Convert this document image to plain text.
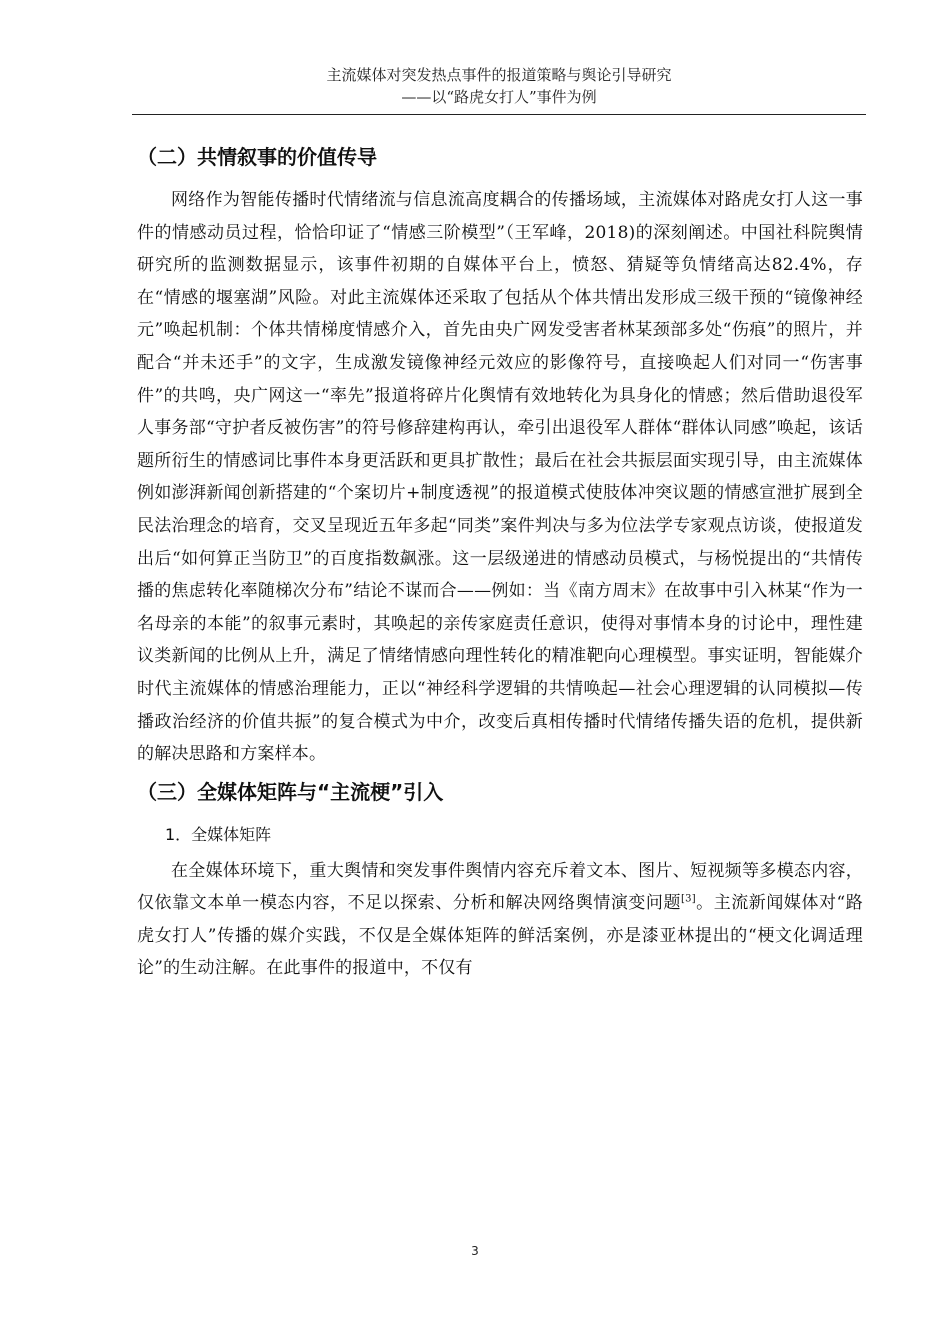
主流媒体对突发热点事件的报道策略与舆论引导研究
——以“路虎女打人”事件为例
（二）共情叙事的价值传导

网络作为智能传播时代情绪流与信息流高度耦合的传播场域，主流媒体对路虎女打人这一事件的情感动员过程，恰恰印证了“情感三阶模型”（王军峰，2018)的深刻阐述。中国社科院舆情研究所的监测数据显示，该事件初期的自媒体平台上，愤怒、猜疑等负情绪高达82.4%，存在“情感的堰塞湖”风险。对此主流媒体还采取了包括从个体共情出发形成三级干预的“镜像神经元”唤起机制：个体共情梯度情感介入，首先由央广网发受害者林某颈部多处“伤痕”的照片，并配合“并未还手”的文字，生成激发镜像神经元效应的影像符号，直接唤起人们对同一“伤害事件”的共鸣，央广网这一“率先”报道将碎片化舆情有效地转化为具身化的情感；然后借助退役军人事务部“守护者反被伤害”的符号修辞建构再认，牵引出退役军人群体“群体认同感”唤起，该话题所衍生的情感词比事件本身更活跃和更具扩散性；最后在社会共振层面实现引导，由主流媒体例如澎湃新闻创新搭建的“个案切片+制度透视”的报道模式使肢体冲突议题的情感宣泄扩展到全民法治理念的培育，交叉呈现近五年多起“同类”案件判决与多为位法学专家观点访谈，使报道发出后“如何算正当防卫”的百度指数飙涨。这一层级递进的情感动员模式，与杨悦提出的“共情传播的焦虑转化率随梯次分布”结论不谋而合——例如：当《南方周末》在故事中引入林某“作为一名母亲的本能”的叙事元素时，其唤起的亲传家庭责任意识，使得对事情本身的讨论中，理性建议类新闻的比例从上升，满足了情绪情感向理性转化的精准靶向心理模型。事实证明，智能媒介时代主流媒体的情感治理能力，正以“神经科学逻辑的共情唤起—社会心理逻辑的认同模拟—传播政治经济的价值共振”的复合模式为中介，改变后真相传播时代情绪传播失语的危机，提供新的解决思路和方案样本。

（三）全媒体矩阵与“主流梗”引入
1．全媒体矩阵

在全媒体环境下，重大舆情和突发事件舆情内容充斥着文本、图片、短视频等多模态内容，仅依靠文本单一模态内容，不足以探索、分析和解决网络舆情演变问题[3]。主流新闻媒体对“路虎女打人”传播的媒介实践，不仅是全媒体矩阵的鲜活案例，亦是漆亚林提出的“梗文化调适理论”的生动注解。在此事件的报道中，不仅有

3
